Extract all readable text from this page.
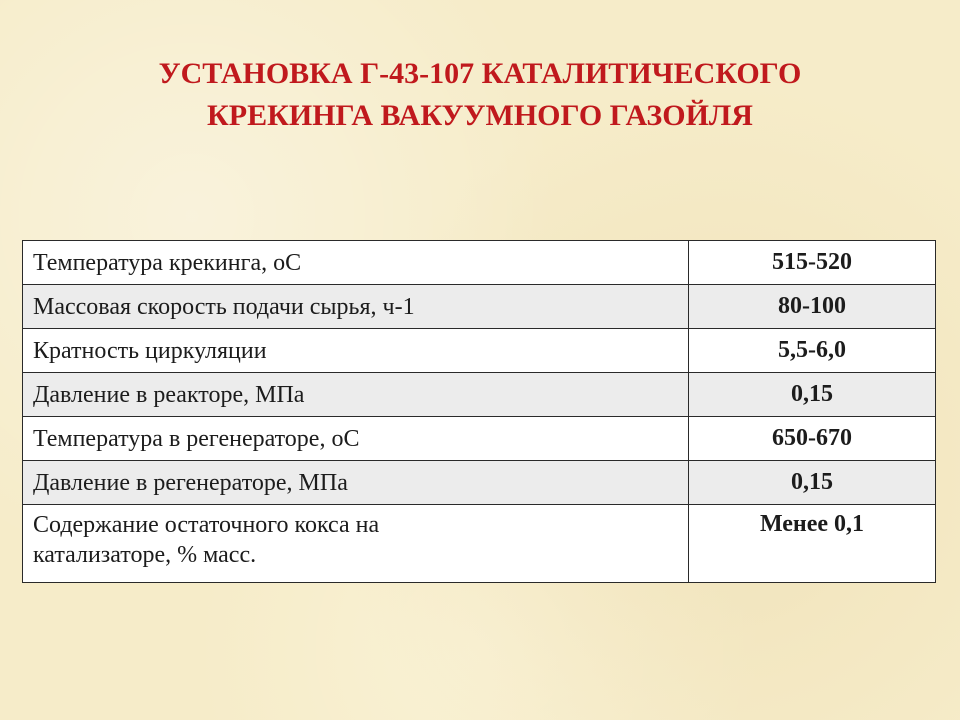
УСТАНОВКА Г-43-107 КАТАЛИТИЧЕСКОГО
КРЕКИНГА ВАКУУМНОГО ГАЗОЙЛЯ
Температура крекинга, оС	515-520
Массовая скорость подачи сырья, ч-1	80-100
Кратность циркуляции	5,5-6,0
Давление в реакторе, МПа	0,15
Температура в регенераторе, оС	650-670
Давление в регенераторе, МПа	0,15

Содержание остаточного кокса на
катализаторе, % масс.	Менее 0,1
